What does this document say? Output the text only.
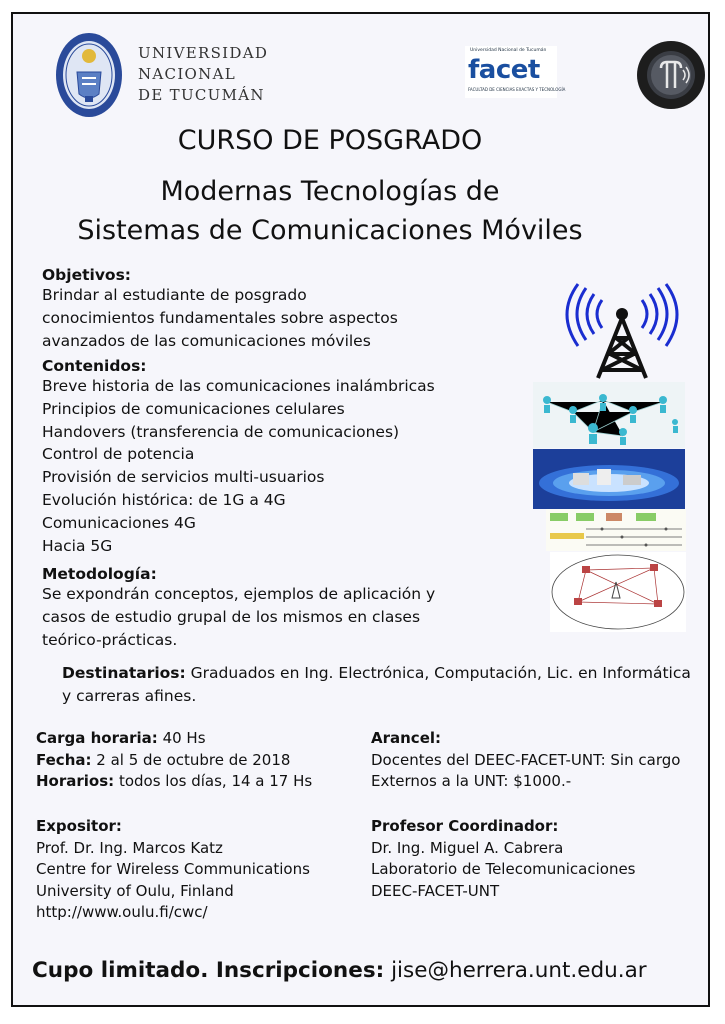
UNIVERSIDAD
NACIONAL
DE TUCUMÁN
Universidad Nacional de Tucumán
facet
FACULTAD DE CIENCIAS EXACTAS Y TECNOLOGÍA
CURSO DE POSGRADO
Modernas Tecnologías de
Sistemas de Comunicaciones Móviles
Objetivos:
Brindar al estudiante de posgrado
conocimientos fundamentales sobre aspectos
avanzados de las comunicaciones móviles
Contenidos:
Breve historia de las comunicaciones inalámbricas
Principios de comunicaciones celulares
Handovers (transferencia de comunicaciones)
Control de potencia
Provisión de servicios multi-usuarios
Evolución histórica: de 1G a 4G
Comunicaciones 4G
Hacia 5G
Metodología:
Se expondrán conceptos, ejemplos de aplicación y
casos de estudio grupal de los mismos en clases
teórico-prácticas.
Destinatarios: Graduados en Ing. Electrónica, Computación, Lic. en Informática y carreras afines.
Carga horaria: 40 Hs
Fecha: 2 al 5 de octubre de 2018
Horarios: todos los días, 14 a 17 Hs
Arancel:
Docentes del DEEC-FACET-UNT: Sin cargo
Externos a la UNT: $1000.-
Expositor:
Prof. Dr. Ing. Marcos Katz
Centre for Wireless Communications
University of Oulu, Finland
http://www.oulu.fi/cwc/
Profesor Coordinador:
Dr. Ing. Miguel A. Cabrera
Laboratorio de Telecomunicaciones
DEEC-FACET-UNT
Cupo limitado. Inscripciones: jise@herrera.unt.edu.ar
